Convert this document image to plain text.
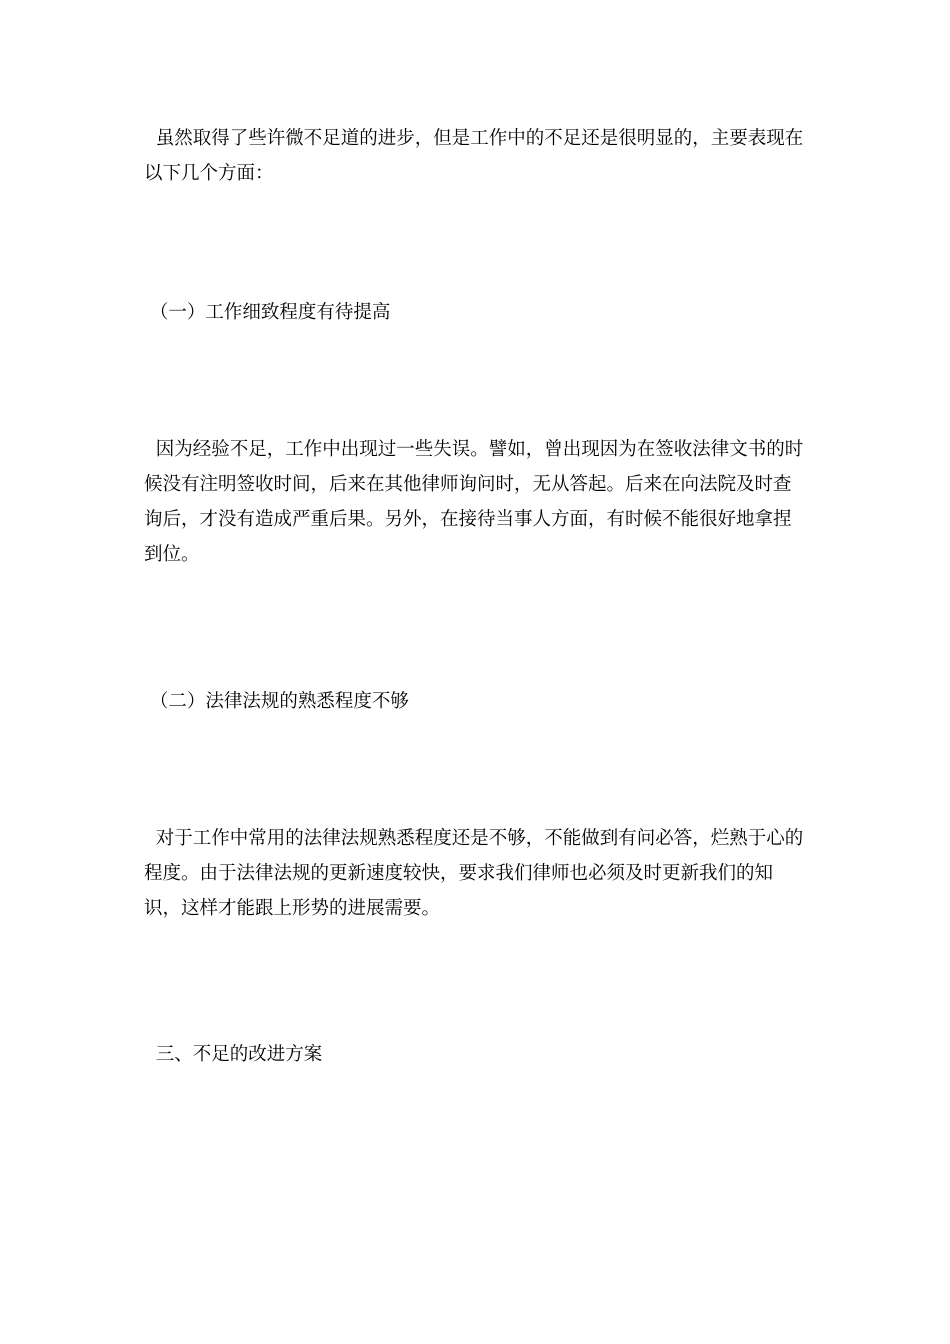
虽然取得了些许微不足道的进步，但是工作中的不足还是很明显的，主要表现在以下几个方面：

（一）工作细致程度有待提高

因为经验不足，工作中出现过一些失误。譬如，曾出现因为在签收法律文书的时候没有注明签收时间，后来在其他律师询问时，无从答起。后来在向法院及时查询后，才没有造成严重后果。另外，在接待当事人方面，有时候不能很好地拿捏到位。

（二）法律法规的熟悉程度不够

对于工作中常用的法律法规熟悉程度还是不够，不能做到有问必答，烂熟于心的程度。由于法律法规的更新速度较快，要求我们律师也必须及时更新我们的知识，这样才能跟上形势的进展需要。

三、不足的改进方案
